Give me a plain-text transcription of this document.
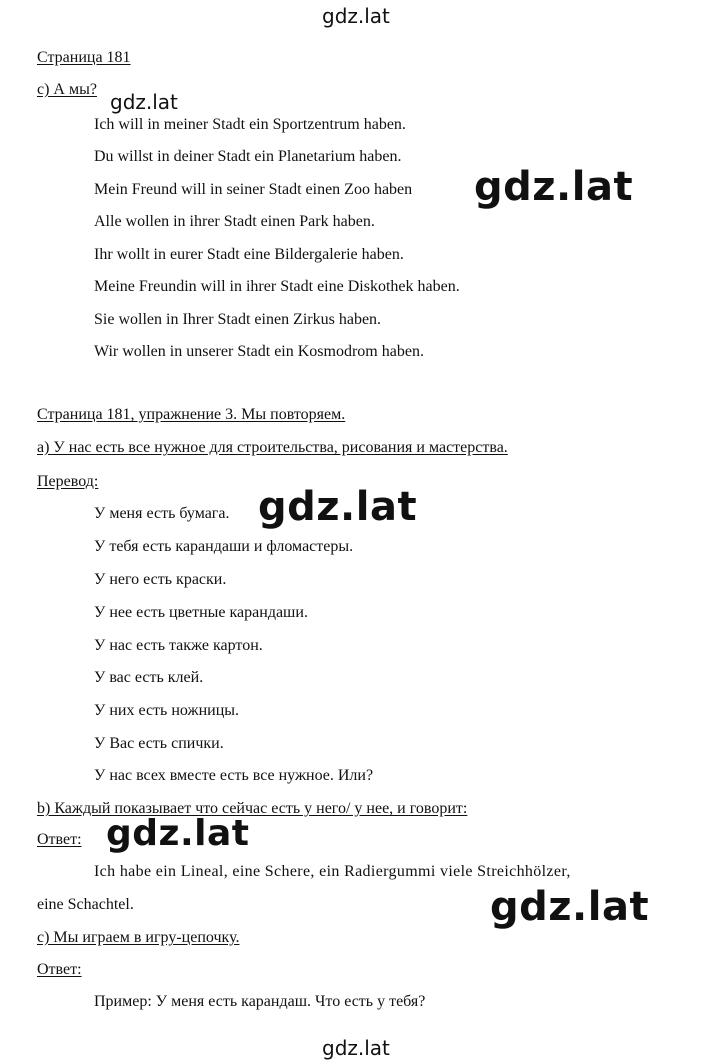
gdz.lat
gdz.lat
gdz.lat
gdz.lat
gdz.lat
gdz.lat
gdz.lat
Страница 181
с) А мы?
Ich will in meiner Stadt ein Sportzentrum haben.
Du willst in deiner Stadt ein Planetarium haben.
Mein Freund will in seiner Stadt einen Zoo haben
Alle wollen in ihrer Stadt einen Park haben.
Ihr wollt in eurer Stadt eine Bildergalerie haben.
Meine Freundin will in ihrer Stadt eine Diskothek haben.
Sie wollen in Ihrer Stadt einen Zirkus haben.
Wir wollen in unserer Stadt ein Kosmodrom haben.
Страница 181, упражнение 3. Мы повторяем.
а) У нас есть все нужное для строительства, рисования и мастерства.
Перевод:
У меня есть бумага.
У тебя есть карандаши и фломастеры.
У него есть краски.
У нее есть цветные карандаши.
У нас есть также картон.
У вас есть клей.
У них есть ножницы.
У Вас есть спички.
У нас всех вместе есть все нужное. Или?
b) Каждый показывает что сейчас есть у него/ у нее, и говорит:
Ответ:
Ich habe ein Lineal, eine Schere, ein Radiergummi viele Streichhölzer,
eine Schachtel.
с) Мы играем в игру-цепочку.
Ответ:
Пример: У меня есть карандаш. Что есть у тебя?
